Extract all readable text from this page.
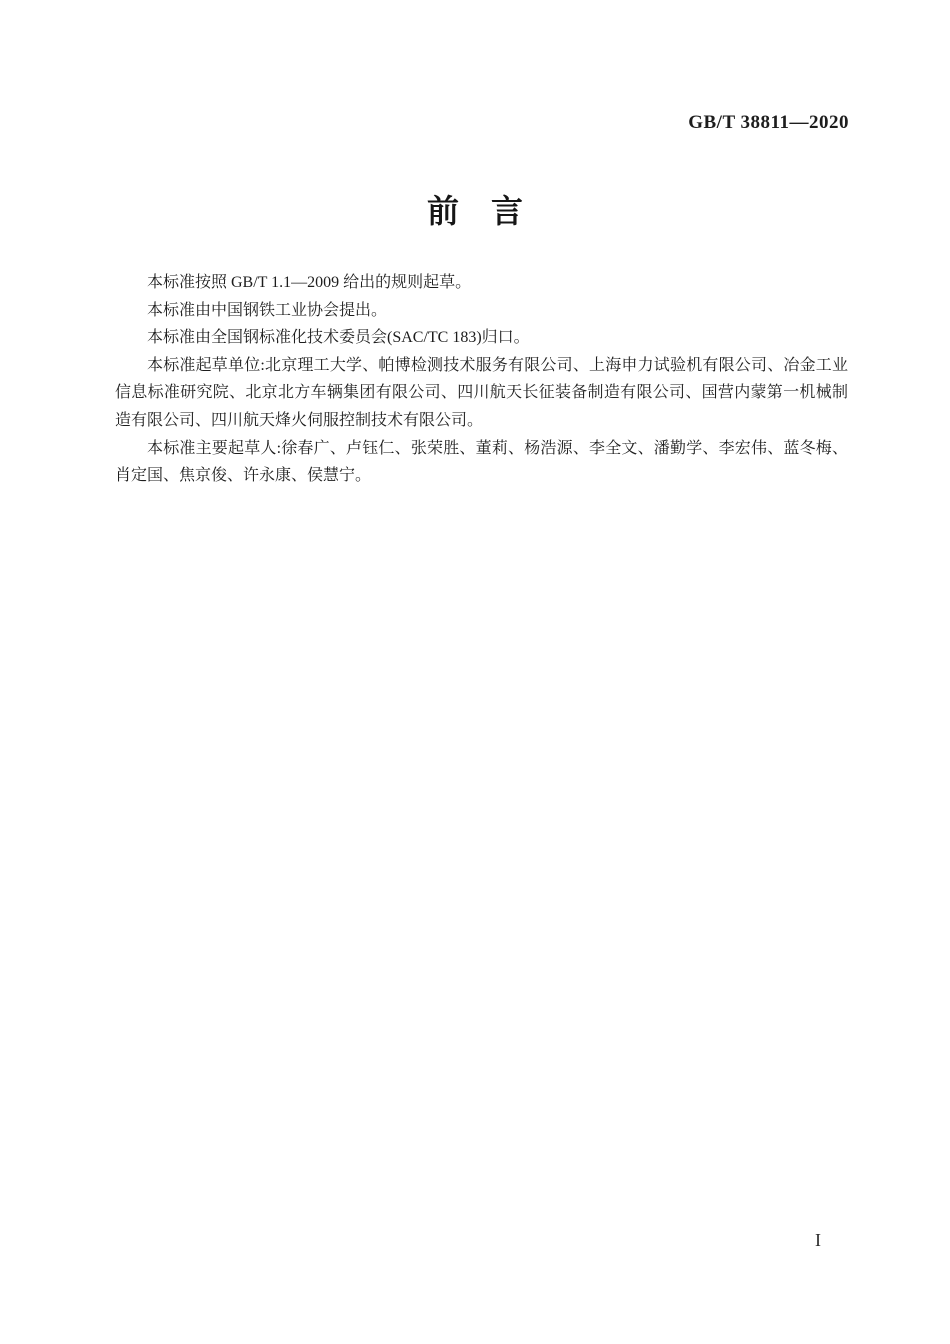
GB/T 38811—2020
前言

本标准按照 GB/T 1.1—2009 给出的规则起草。

本标准由中国钢铁工业协会提出。

本标准由全国钢标准化技术委员会(SAC/TC 183)归口。

本标准起草单位:北京理工大学、帕博检测技术服务有限公司、上海申力试验机有限公司、冶金工业信息标准研究院、北京北方车辆集团有限公司、四川航天长征装备制造有限公司、国营内蒙第一机械制造有限公司、四川航天烽火伺服控制技术有限公司。

本标准主要起草人:徐春广、卢钰仁、张荣胜、董莉、杨浩源、李全文、潘勤学、李宏伟、蓝冬梅、肖定国、焦京俊、许永康、侯慧宁。

I
